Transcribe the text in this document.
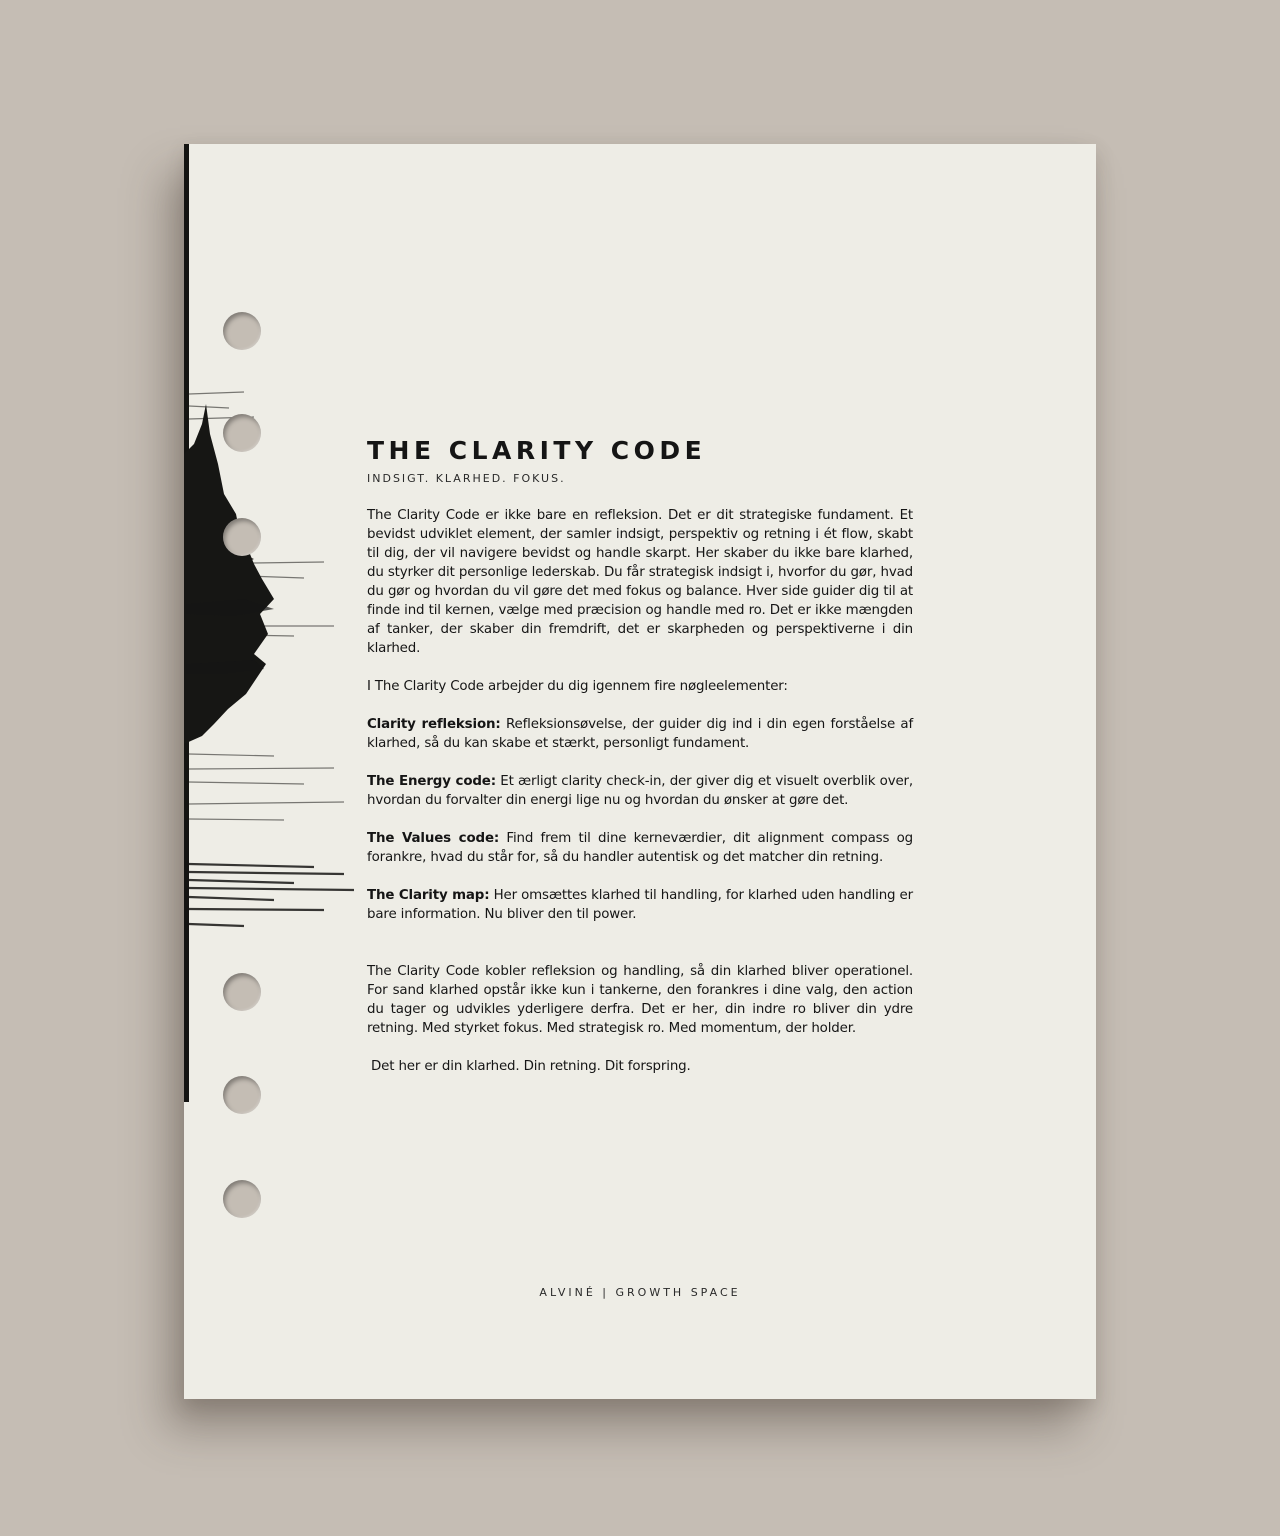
THE CLARITY CODE
INDSIGT. KLARHED. FOKUS.

The Clarity Code er ikke bare en refleksion. Det er dit strategiske fundament. Et bevidst udviklet element, der samler indsigt, perspektiv og retning i ét flow, skabt til dig, der vil navigere bevidst og handle skarpt. Her skaber du ikke bare klarhed, du styrker dit personlige lederskab. Du får strategisk indsigt i, hvorfor du gør, hvad du gør og hvordan du vil gøre det med fokus og balance. Hver side guider dig til at finde ind til kernen, vælge med præcision og handle med ro. Det er ikke mængden af tanker, der skaber din fremdrift, det er skarpheden og perspektiverne i din klarhed.

I The Clarity Code arbejder du dig igennem fire nøgleelementer:

Clarity refleksion: Refleksionsøvelse, der guider dig ind i din egen forståelse af klarhed, så du kan skabe et stærkt, personligt fundament.

The Energy code: Et ærligt clarity check-in, der giver dig et visuelt overblik over, hvordan du forvalter din energi lige nu og hvordan du ønsker at gøre det.

The Values code: Find frem til dine kerneværdier, dit alignment compass og forankre, hvad du står for, så du handler autentisk og det matcher din retning.

The Clarity map: Her omsættes klarhed til handling, for klarhed uden handling er bare information. Nu bliver den til power.

The Clarity Code kobler refleksion og handling, så din klarhed bliver operationel. For sand klarhed opstår ikke kun i tankerne, den forankres i dine valg, den action du tager og udvikles yderligere derfra. Det er her, din indre ro bliver din ydre retning. Med styrket fokus. Med strategisk ro. Med momentum, der holder.

Det her er din klarhed. Din retning. Dit forspring.

ALVINÉ | GROWTH SPACE
